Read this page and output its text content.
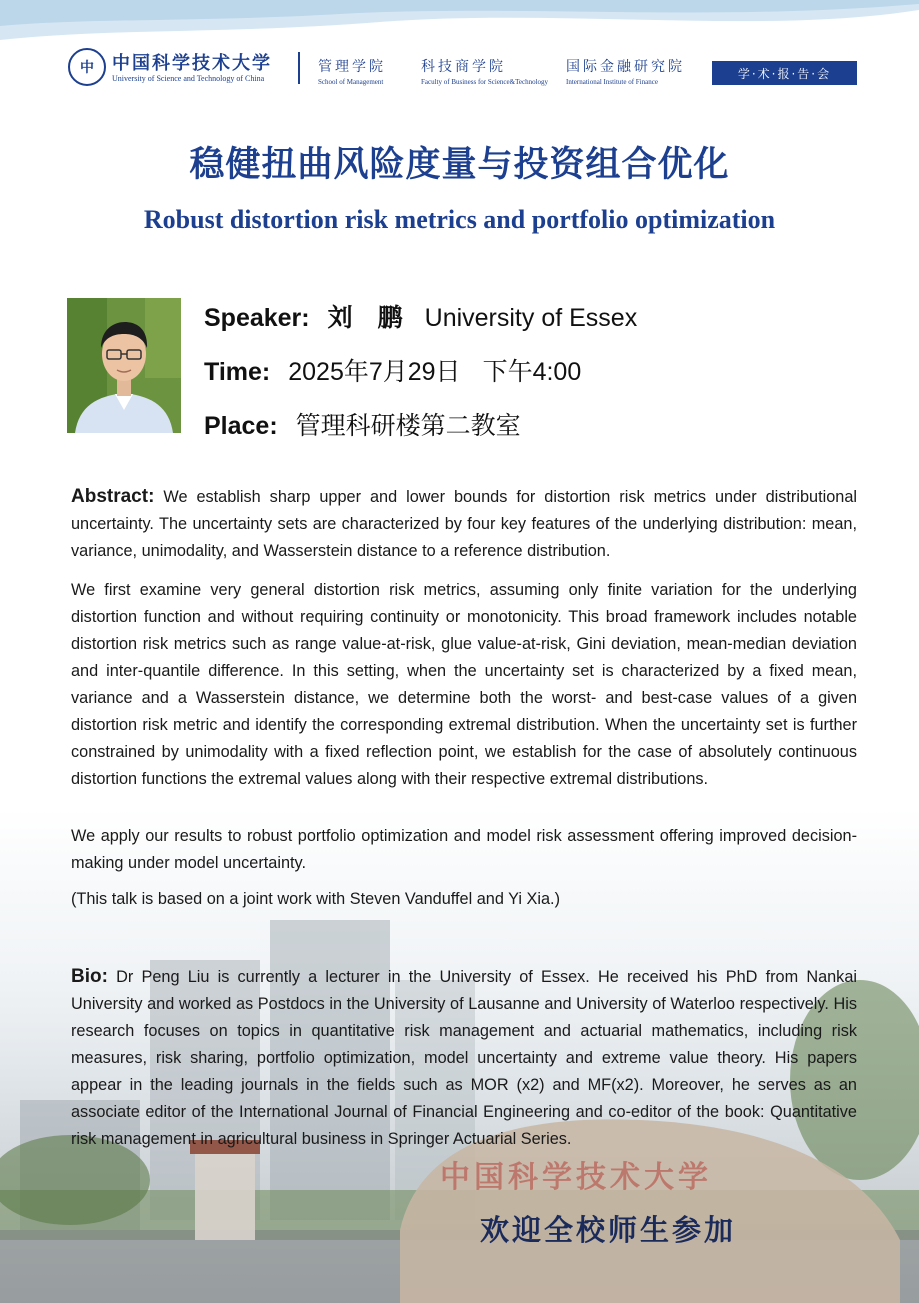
中 中国科学技术大学
University of Science and Technology of China
管理学院
School of Management
科技商学院
Faculty of Business for Science&Technology
国际金融研究院
International Institute of Finance
学·术·报·告·会
稳健扭曲风险度量与投资组合优化
Robust distortion risk metrics and portfolio optimization
Speaker: 刘　鹏 University of Essex
Time: 2025年7月29日 下午4:00
Place: 管理科研楼第二教室
Abstract: We establish sharp upper and lower bounds for distortion risk metrics under distributional uncertainty. The uncertainty sets are characterized by four key features of the underlying distribution: mean, variance, unimodality, and Wasserstein distance to a reference distribution.
We first examine very general distortion risk metrics, assuming only finite variation for the underlying distortion function and without requiring continuity or monotonicity. This broad framework includes notable distortion risk metrics such as range value-at-risk, glue value-at-risk, Gini deviation, mean-median deviation and inter-quantile difference. In this setting, when the uncertainty set is characterized by a fixed mean, variance and a Wasserstein distance, we determine both the worst- and best-case values of a given distortion risk metric and identify the corresponding extremal distribution. When the uncertainty set is further constrained by unimodality with a fixed reflection point, we establish for the case of absolutely continuous distortion functions the extremal values along with their respective extremal distributions.
We apply our results to robust portfolio optimization and model risk assessment offering improved decision-making under model uncertainty.
(This talk is based on a joint work with Steven Vanduffel and Yi Xia.)
Bio: Dr Peng Liu is currently a lecturer in the University of Essex. He received his PhD from Nankai University and worked as Postdocs in the University of Lausanne and University of Waterloo respectively. His research focuses on topics in quantitative risk management and actuarial mathematics, including risk measures, risk sharing, portfolio optimization, model uncertainty and extreme value theory. His papers appear in the leading journals in the fields such as MOR (x2) and MF(x2). Moreover, he serves as an associate editor of the International Journal of Financial Engineering and co-editor of the book: Quantitative risk management in agricultural business in Springer Actuarial Series.
中国科学技术大学
欢迎全校师生参加
